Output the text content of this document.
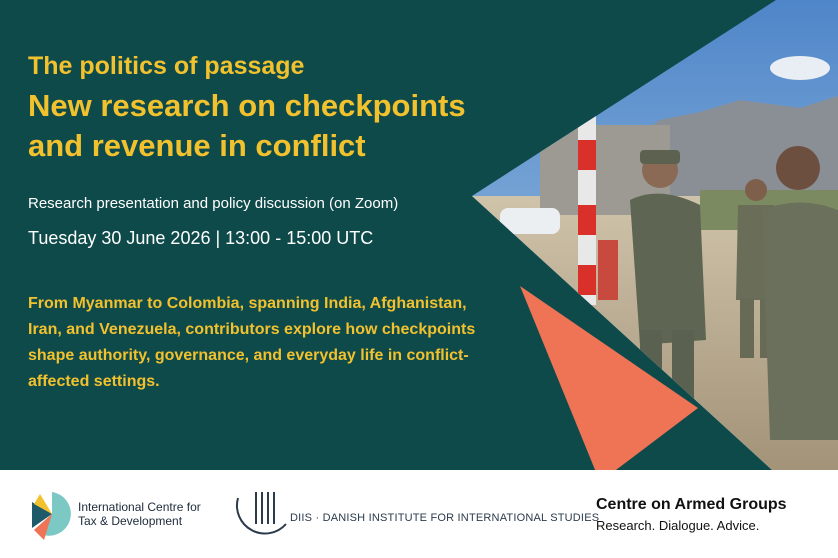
The politics of passage
New research on checkpoints and revenue in conflict
Research presentation and policy discussion (on Zoom)
Tuesday 30 June 2026 | 13:00 - 15:00 UTC
From Myanmar to Colombia, spanning India, Afghanistan, Iran, and Venezuela, contributors explore how checkpoints shape authority, governance, and everyday life in conflict-affected settings.
International Centre for Tax & Development	DIIS · DANISH INSTITUTE FOR INTERNATIONAL STUDIES
Centre on Armed Groups
Research. Dialogue. Advice.
